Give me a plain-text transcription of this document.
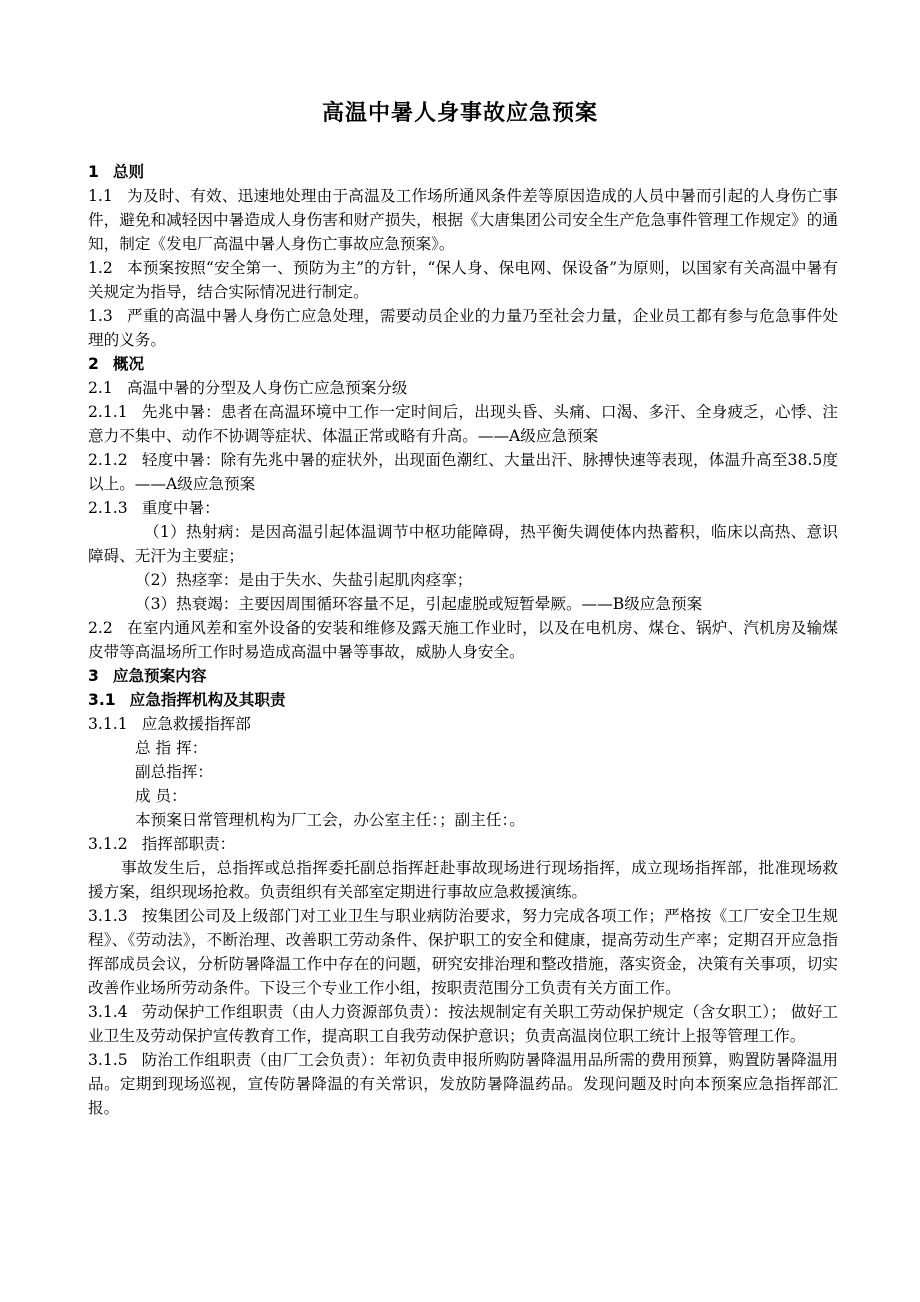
高温中暑人身事故应急预案

1 总则

1.1 为及时、有效、迅速地处理由于高温及工作场所通风条件差等原因造成的人员中暑而引起的人身伤亡事件，避免和减轻因中暑造成人身伤害和财产损失，根据《大唐集团公司安全生产危急事件管理工作规定》的通知，制定《发电厂高温中暑人身伤亡事故应急预案》。

1.2 本预案按照“安全第一、预防为主”的方针，“保人身、保电网、保设备”为原则，以国家有关高温中暑有关规定为指导，结合实际情况进行制定。

1.3 严重的高温中暑人身伤亡应急处理，需要动员企业的力量乃至社会力量，企业员工都有参与危急事件处理的义务。

2 概况

2.1 高温中暑的分型及人身伤亡应急预案分级

2.1.1 先兆中暑：患者在高温环境中工作一定时间后，出现头昏、头痛、口渴、多汗、全身疲乏，心悸、注意力不集中、动作不协调等症状、体温正常或略有升高。——A级应急预案

2.1.2 轻度中暑：除有先兆中暑的症状外，出现面色潮红、大量出汗、脉搏快速等表现，体温升高至38.5度以上。——A级应急预案

2.1.3 重度中暑：

（1）热射病：是因高温引起体温调节中枢功能障碍，热平衡失调使体内热蓄积，临床以高热、意识障碍、无汗为主要症；

（2）热痉挛：是由于失水、失盐引起肌肉痉挛；

（3）热衰竭：主要因周围循环容量不足，引起虚脱或短暂晕厥。——B级应急预案

2.2 在室内通风差和室外设备的安装和维修及露天施工作业时，以及在电机房、煤仓、锅炉、汽机房及输煤皮带等高温场所工作时易造成高温中暑等事故，威胁人身安全。

3 应急预案内容

3.1 应急指挥机构及其职责

3.1.1 应急救援指挥部

总 指 挥：

副总指挥：

成 员：

本预案日常管理机构为厂工会，办公室主任：；副主任：。

3.1.2 指挥部职责：

事故发生后，总指挥或总指挥委托副总指挥赶赴事故现场进行现场指挥，成立现场指挥部，批准现场救援方案，组织现场抢救。负责组织有关部室定期进行事故应急救援演练。

3.1.3 按集团公司及上级部门对工业卫生与职业病防治要求，努力完成各项工作；严格按《工厂安全卫生规程》、《劳动法》，不断治理、改善职工劳动条件、保护职工的安全和健康，提高劳动生产率；定期召开应急指挥部成员会议，分析防暑降温工作中存在的问题，研究安排治理和整改措施，落实资金，决策有关事项，切实改善作业场所劳动条件。下设三个专业工作小组，按职责范围分工负责有关方面工作。

3.1.4 劳动保护工作组职责（由人力资源部负责）：按法规制定有关职工劳动保护规定（含女职工）； 做好工业卫生及劳动保护宣传教育工作，提高职工自我劳动保护意识；负责高温岗位职工统计上报等管理工作。

3.1.5 防治工作组职责（由厂工会负责）：年初负责申报所购防暑降温用品所需的费用预算，购置防暑降温用品。定期到现场巡视，宣传防暑降温的有关常识，发放防暑降温药品。发现问题及时向本预案应急指挥部汇报。
